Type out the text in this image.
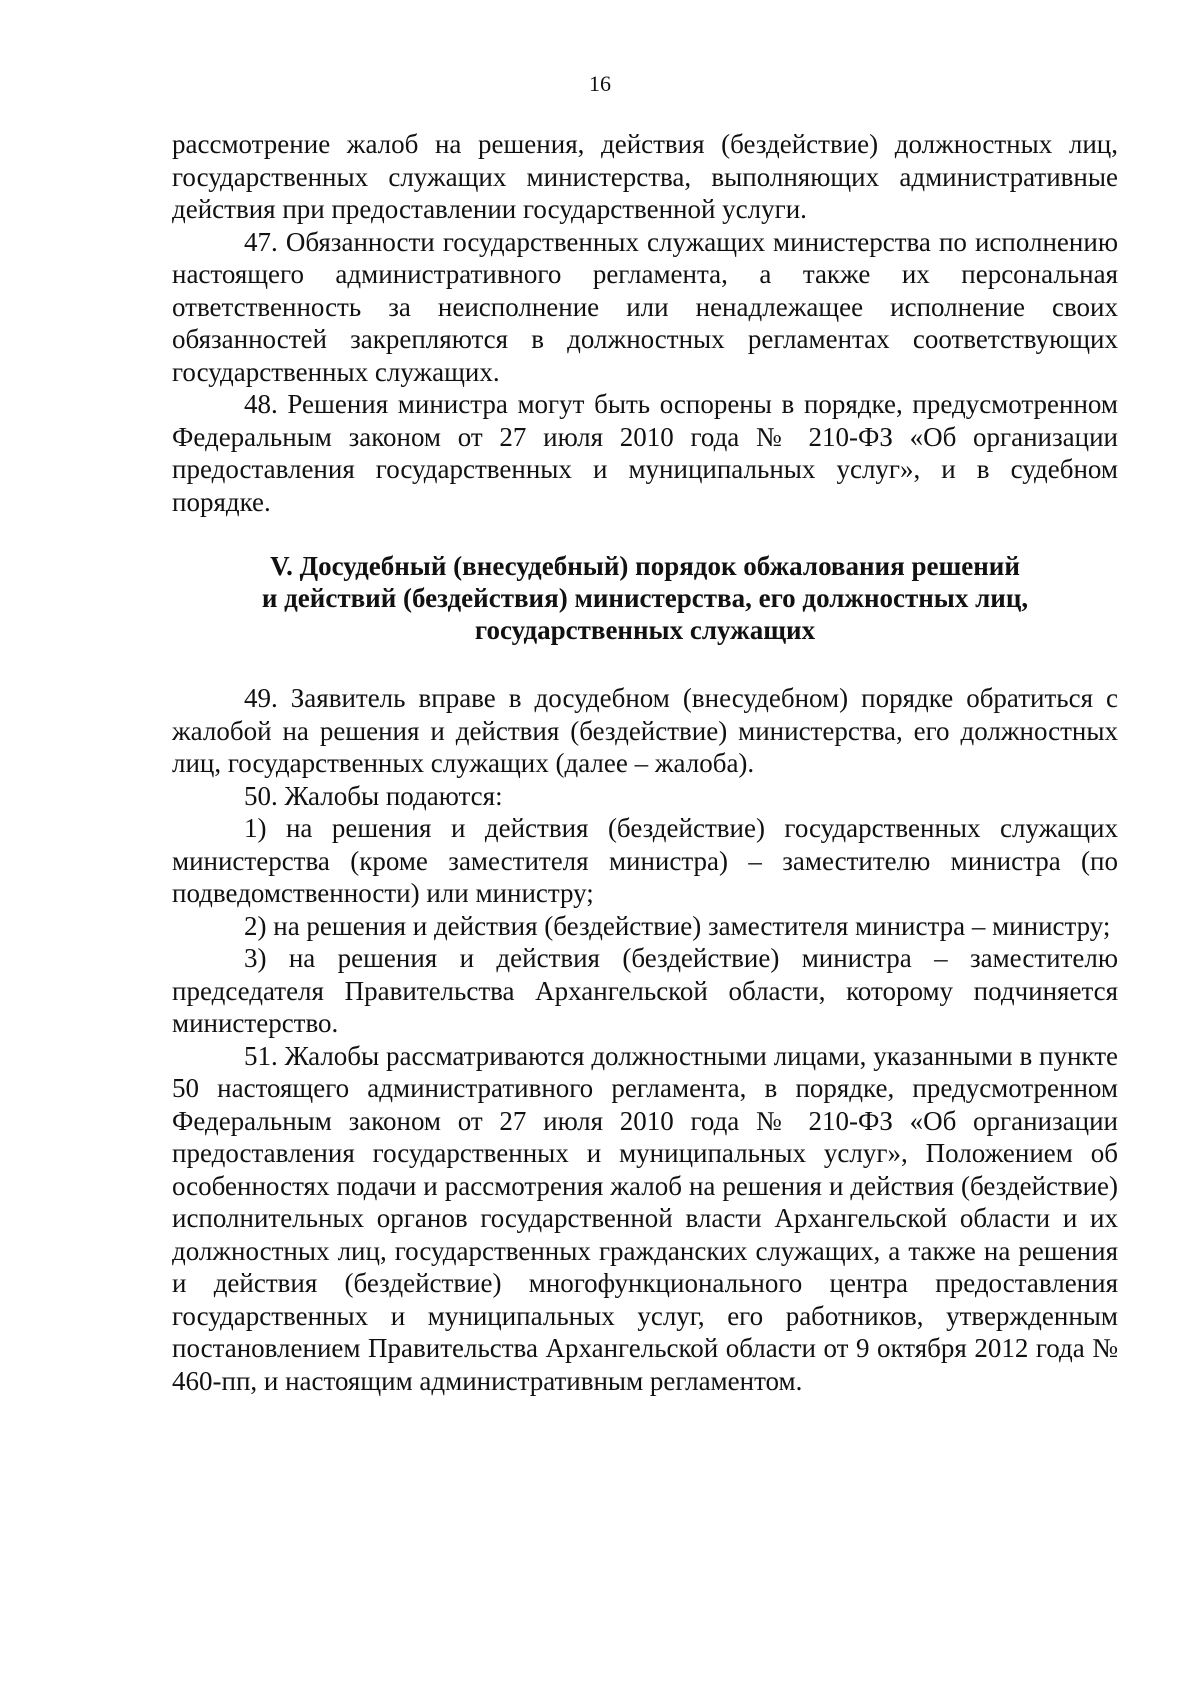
16

рассмотрение жалоб на решения, действия (бездействие) должностных лиц, государственных служащих министерства, выполняющих административные действия при предоставлении государственной услуги.

47. Обязанности государственных служащих министерства по исполнению настоящего административного регламента, а также их персональная ответственность за неисполнение или ненадлежащее исполнение своих обязанностей закрепляются в должностных регламентах соответствующих государственных служащих.

48. Решения министра могут быть оспорены в порядке, предусмотренном Федеральным законом от 27 июля 2010 года № 210-ФЗ «Об организации предоставления государственных и муниципальных услуг», и в судебном порядке.

V. Досудебный (внесудебный) порядок обжалования решений
и действий (бездействия) министерства, его должностных лиц,
государственных служащих

49. Заявитель вправе в досудебном (внесудебном) порядке обратиться с жалобой на решения и действия (бездействие) министерства, его должностных лиц, государственных служащих (далее – жалоба).

50. Жалобы подаются:

1) на решения и действия (бездействие) государственных служащих министерства (кроме заместителя министра) – заместителю министра (по подведомственности) или министру;

2) на решения и действия (бездействие) заместителя министра – министру;

3) на решения и действия (бездействие) министра – заместителю председателя Правительства Архангельской области, которому подчиняется министерство.

51. Жалобы рассматриваются должностными лицами, указанными в пункте 50 настоящего административного регламента, в порядке, предусмотренном Федеральным законом от 27 июля 2010 года № 210-ФЗ «Об организации предоставления государственных и муниципальных услуг», Положением об особенностях подачи и рассмотрения жалоб на решения и действия (бездействие) исполнительных органов государственной власти Архангельской области и их должностных лиц, государственных гражданских служащих, а также на решения и действия (бездействие) многофункционального центра предоставления государственных и муниципальных услуг, его работников, утвержденным постановлением Правительства Архангельской области от 9 октября 2012 года № 460-пп, и настоящим административным регламентом.
